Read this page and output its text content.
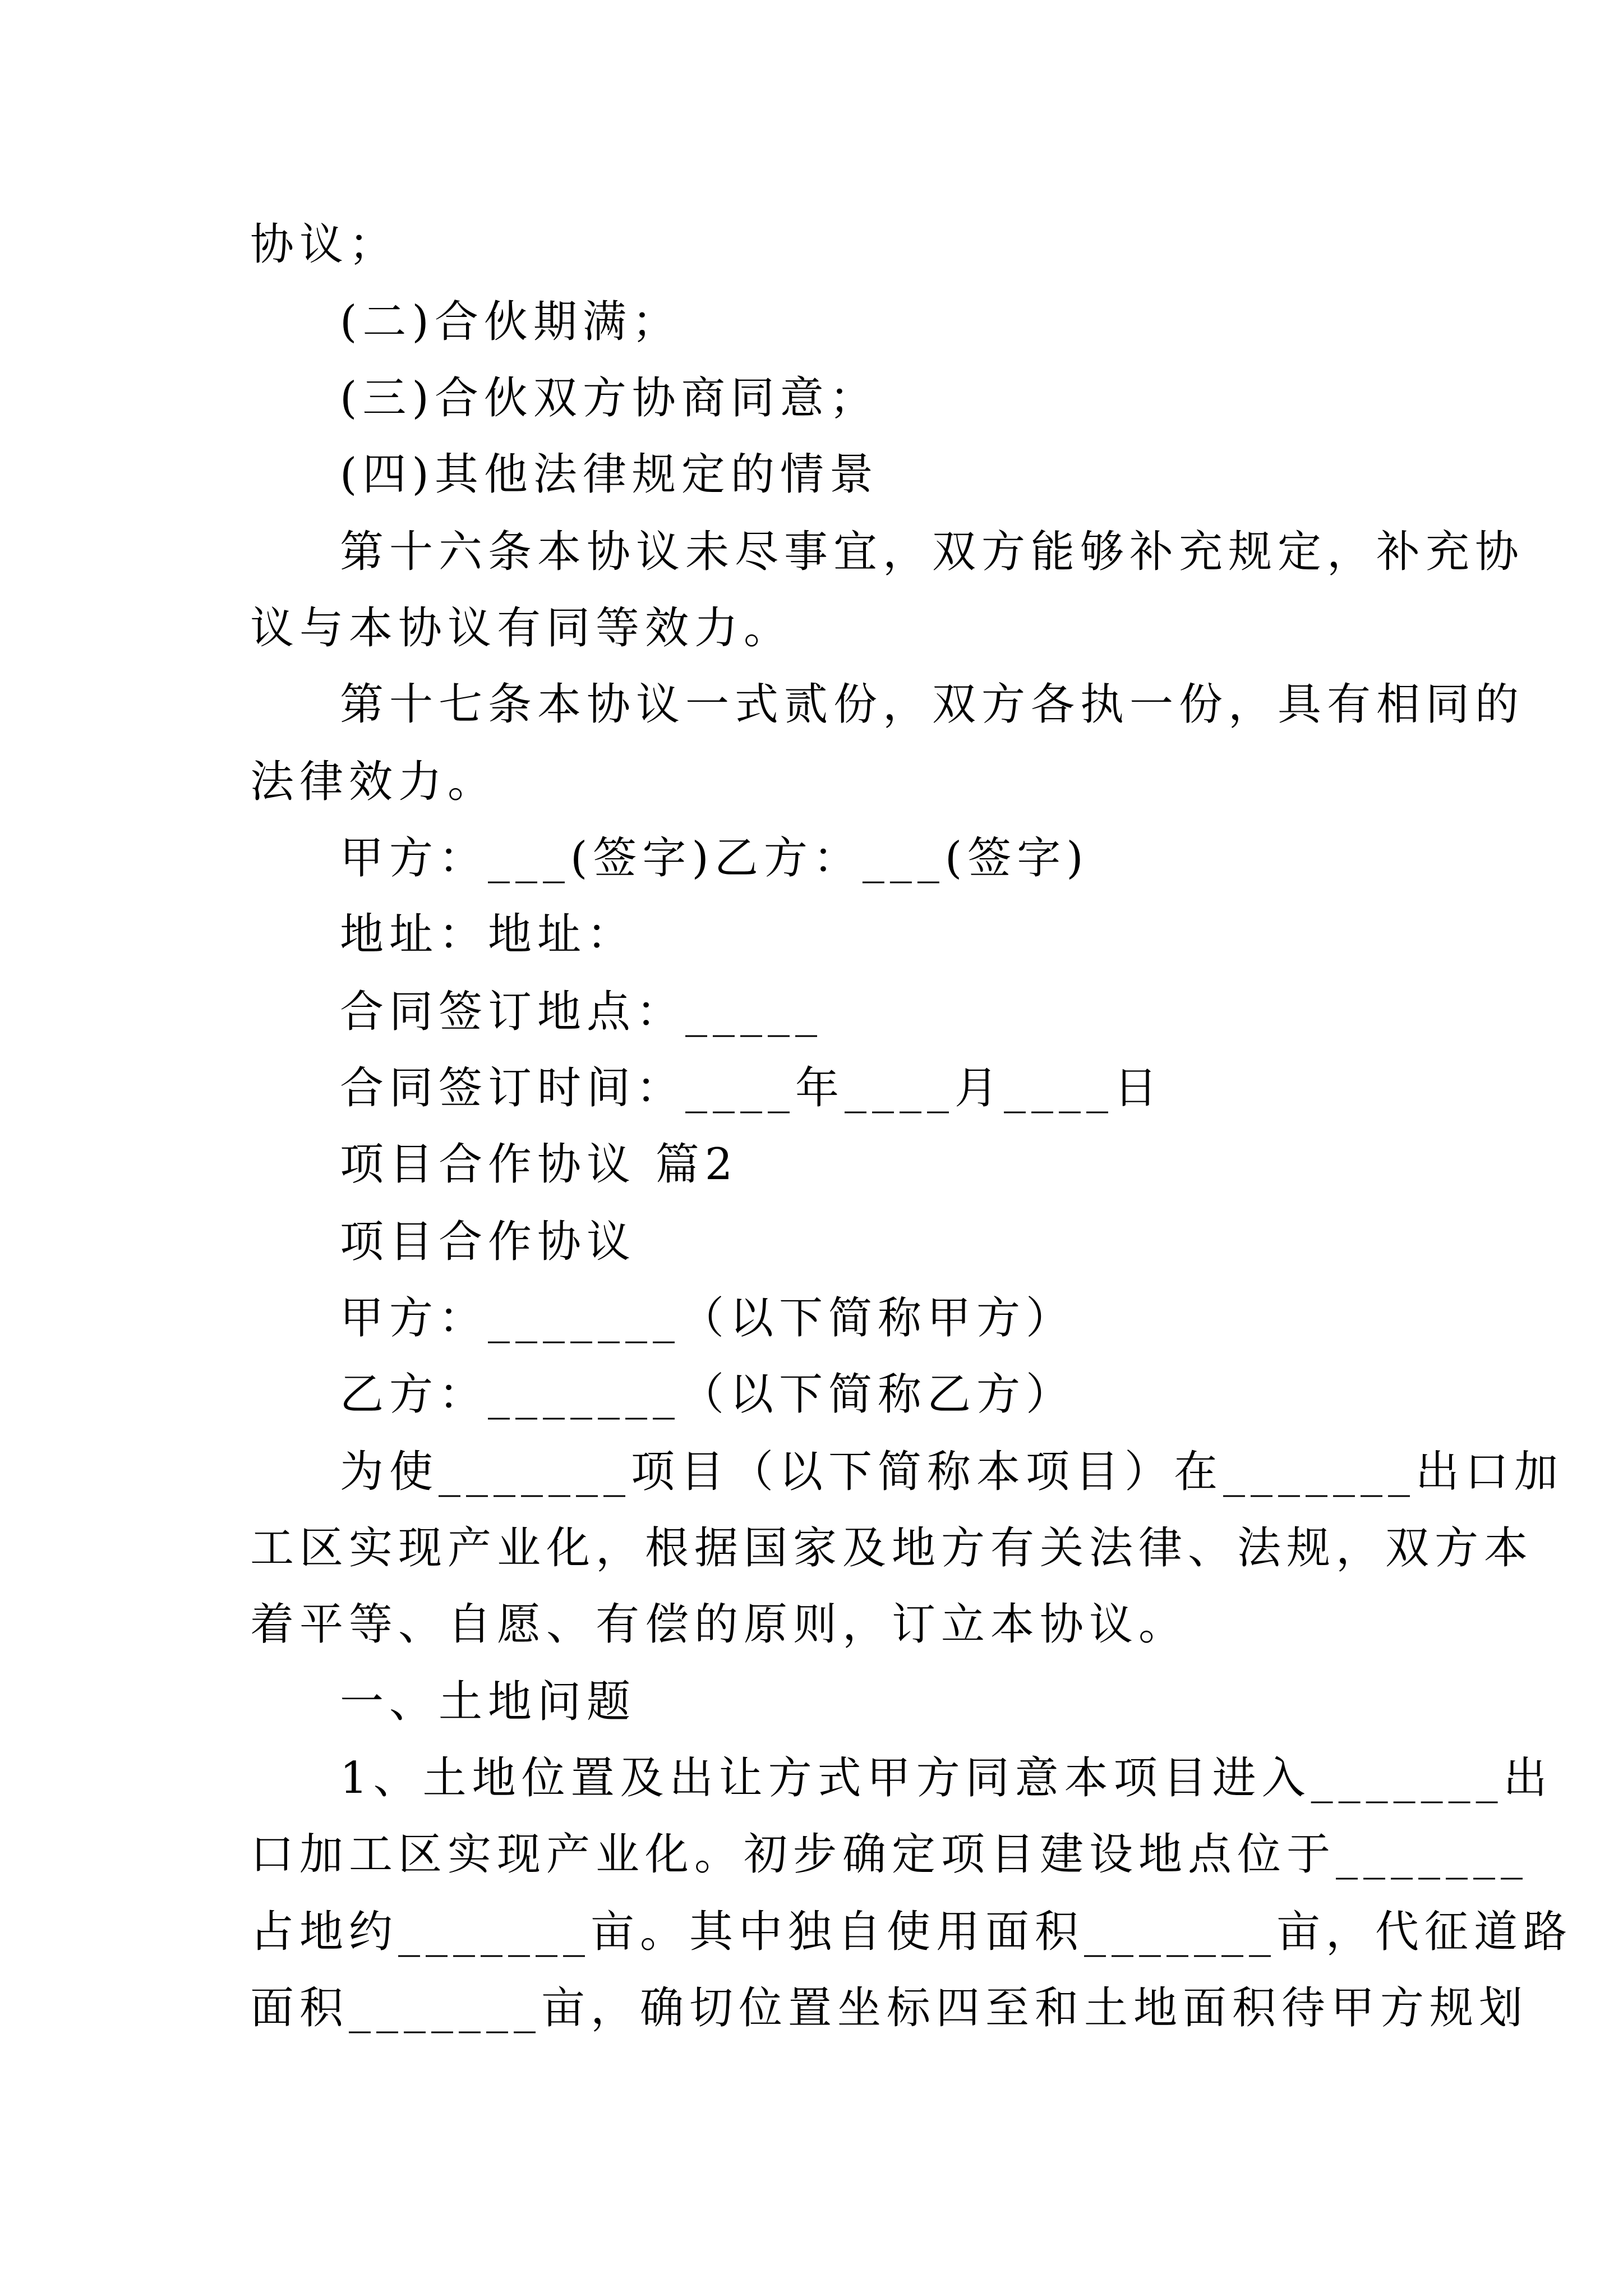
协议；
(二)合伙期满；
(三)合伙双方协商同意；
(四)其他法律规定的情景
第十六条本协议未尽事宜，双方能够补充规定，补充协
议与本协议有同等效力。
第十七条本协议一式贰份，双方各执一份，具有相同的
法律效力。
甲方：___(签字)乙方：___(签字)
地址：地址：
合同签订地点：_____
合同签订时间：____年____月____日
项目合作协议 篇2
项目合作协议
甲方：_______（以下简称甲方）
乙方：_______（以下简称乙方）
为使_______项目（以下简称本项目）在_______出口加
工区实现产业化，根据国家及地方有关法律、法规，双方本
着平等、自愿、有偿的原则，订立本协议。
一、土地问题
1、土地位置及出让方式甲方同意本项目进入_______出
口加工区实现产业化。初步确定项目建设地点位于_______
占地约_______亩。其中独自使用面积_______亩，代征道路
面积_______亩，确切位置坐标四至和土地面积待甲方规划
